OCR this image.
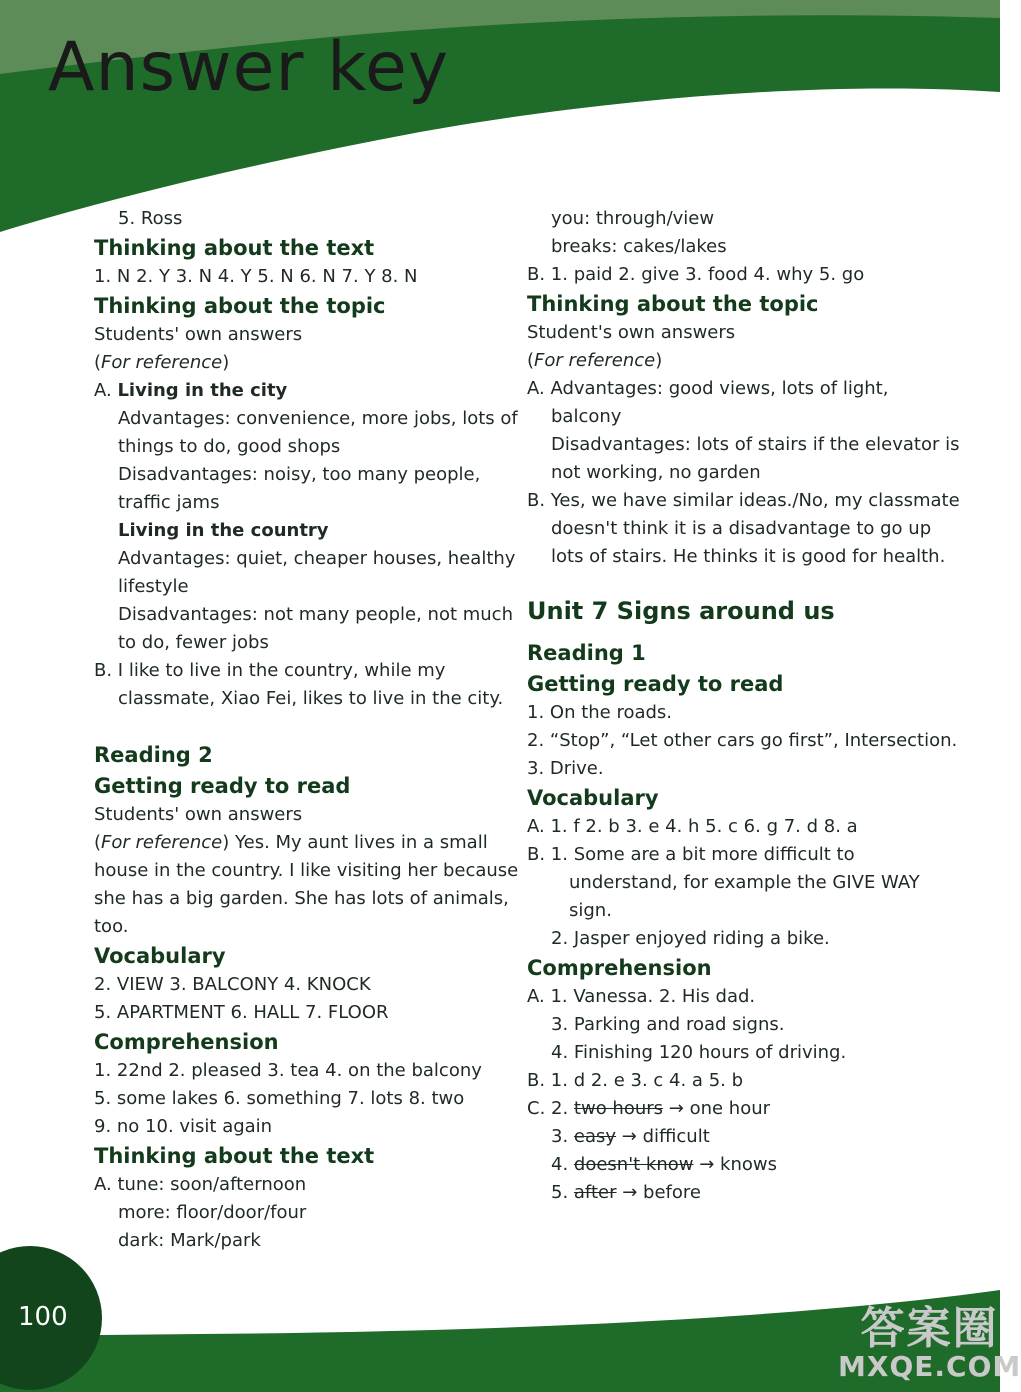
Answer key
5. Ross
Thinking about the text
1. N 2. Y 3. N 4. Y 5. N 6. N 7. Y 8. N
Thinking about the topic
Students' own answers
(For reference)
A. Living in the city
Advantages: convenience, more jobs, lots of
things to do, good shops
Disadvantages: noisy, too many people,
traffic jams
Living in the country
Advantages: quiet, cheaper houses, healthy
lifestyle
Disadvantages: not many people, not much
to do, fewer jobs
B. I like to live in the country, while my
classmate, Xiao Fei, likes to live in the city.
Reading 2
Getting ready to read
Students' own answers
(For reference) Yes. My aunt lives in a small
house in the country. I like visiting her because
she has a big garden. She has lots of animals,
too.
Vocabulary
2. VIEW 3. BALCONY 4. KNOCK
5. APARTMENT 6. HALL 7. FLOOR
Comprehension
1. 22nd 2. pleased 3. tea 4. on the balcony
5. some lakes 6. something 7. lots 8. two
9. no 10. visit again
Thinking about the text
A. tune: soon/afternoon
more: floor/door/four
dark: Mark/park
you: through/view
breaks: cakes/lakes
B. 1. paid 2. give 3. food 4. why 5. go
Thinking about the topic
Student's own answers
(For reference)
A. Advantages: good views, lots of light,
balcony
Disadvantages: lots of stairs if the elevator is
not working, no garden
B. Yes, we have similar ideas./No, my classmate
doesn't think it is a disadvantage to go up
lots of stairs. He thinks it is good for health.
Unit 7 Signs around us
Reading 1
Getting ready to read
1. On the roads.
2. “Stop”, “Let other cars go first”, Intersection.
3. Drive.
Vocabulary
A. 1. f 2. b 3. e 4. h 5. c 6. g 7. d 8. a
B. 1. Some are a bit more difficult to
understand, for example the GIVE WAY
sign.
2. Jasper enjoyed riding a bike.
Comprehension
A. 1. Vanessa. 2. His dad.
3. Parking and road signs.
4. Finishing 120 hours of driving.
B. 1. d 2. e 3. c 4. a 5. b
C. 2. two hours → one hour
3. easy → difficult
4. doesn't know → knows
5. after → before
100	答案圈
MXQE.COM
